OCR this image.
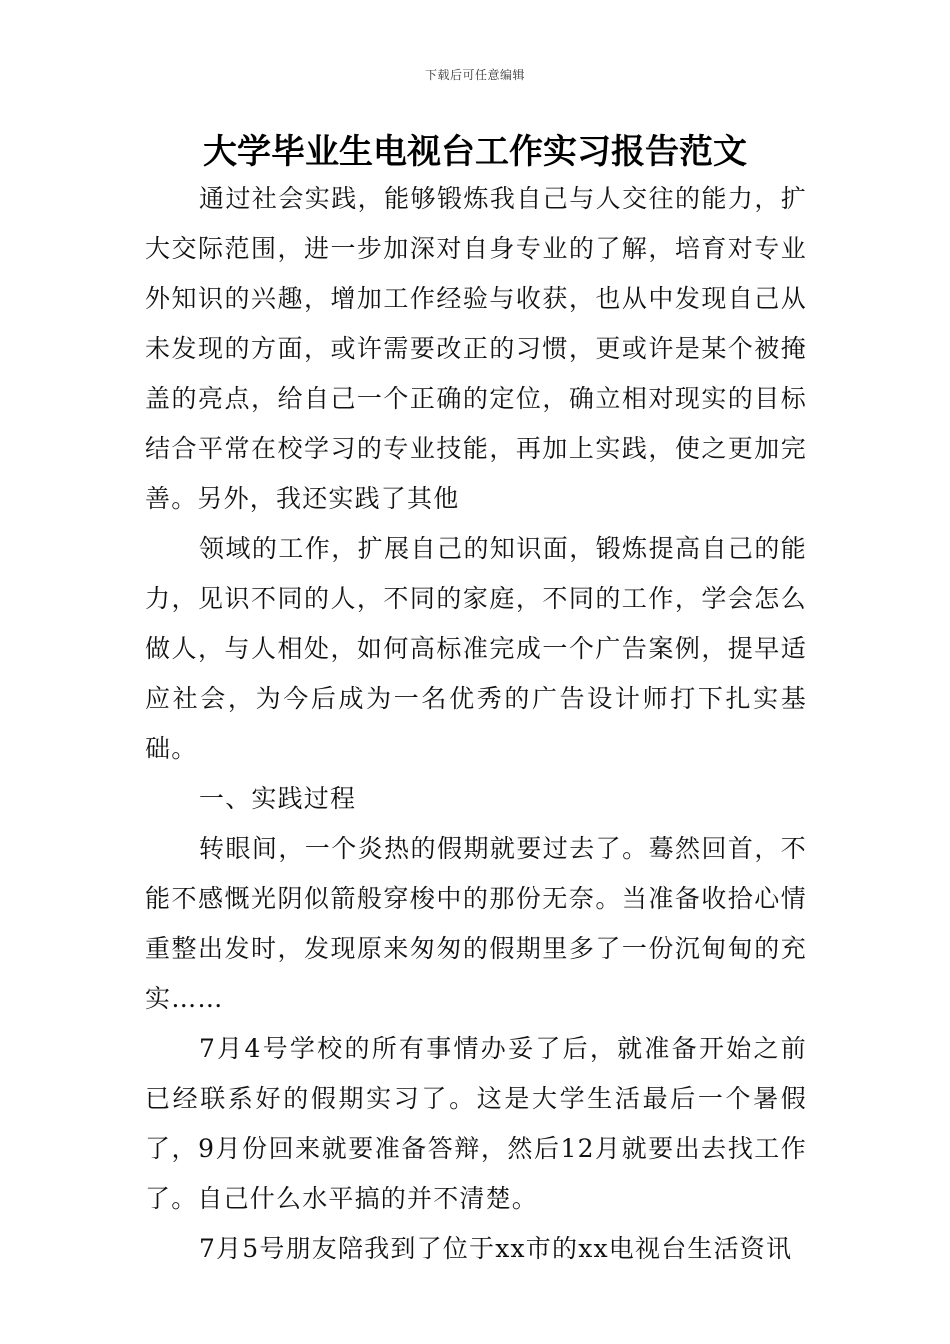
下载后可任意编辑
大学毕业生电视台工作实习报告范文

通过社会实践，能够锻炼我自己与人交往的能力，扩大交际范围，进一步加深对自身专业的了解，培育对专业外知识的兴趣，增加工作经验与收获，也从中发现自己从未发现的方面，或许需要改正的习惯，更或许是某个被掩盖的亮点，给自己一个正确的定位，确立相对现实的目标结合平常在校学习的专业技能，再加上实践，使之更加完善。另外，我还实践了其他

领域的工作，扩展自己的知识面，锻炼提高自己的能力，见识不同的人，不同的家庭，不同的工作，学会怎么做人，与人相处，如何高标准完成一个广告案例，提早适应社会，为今后成为一名优秀的广告设计师打下扎实基础。

一、实践过程

转眼间，一个炎热的假期就要过去了。蓦然回首，不能不感慨光阴似箭般穿梭中的那份无奈。当准备收拾心情重整出发时，发现原来匆匆的假期里多了一份沉甸甸的充实……

7月4号学校的所有事情办妥了后，就准备开始之前已经联系好的假期实习了。这是大学生活最后一个暑假了，9月份回来就要准备答辩，然后12月就要出去找工作了。自己什么水平搞的并不清楚。

7月5号朋友陪我到了位于xx市的xx电视台生活资讯
